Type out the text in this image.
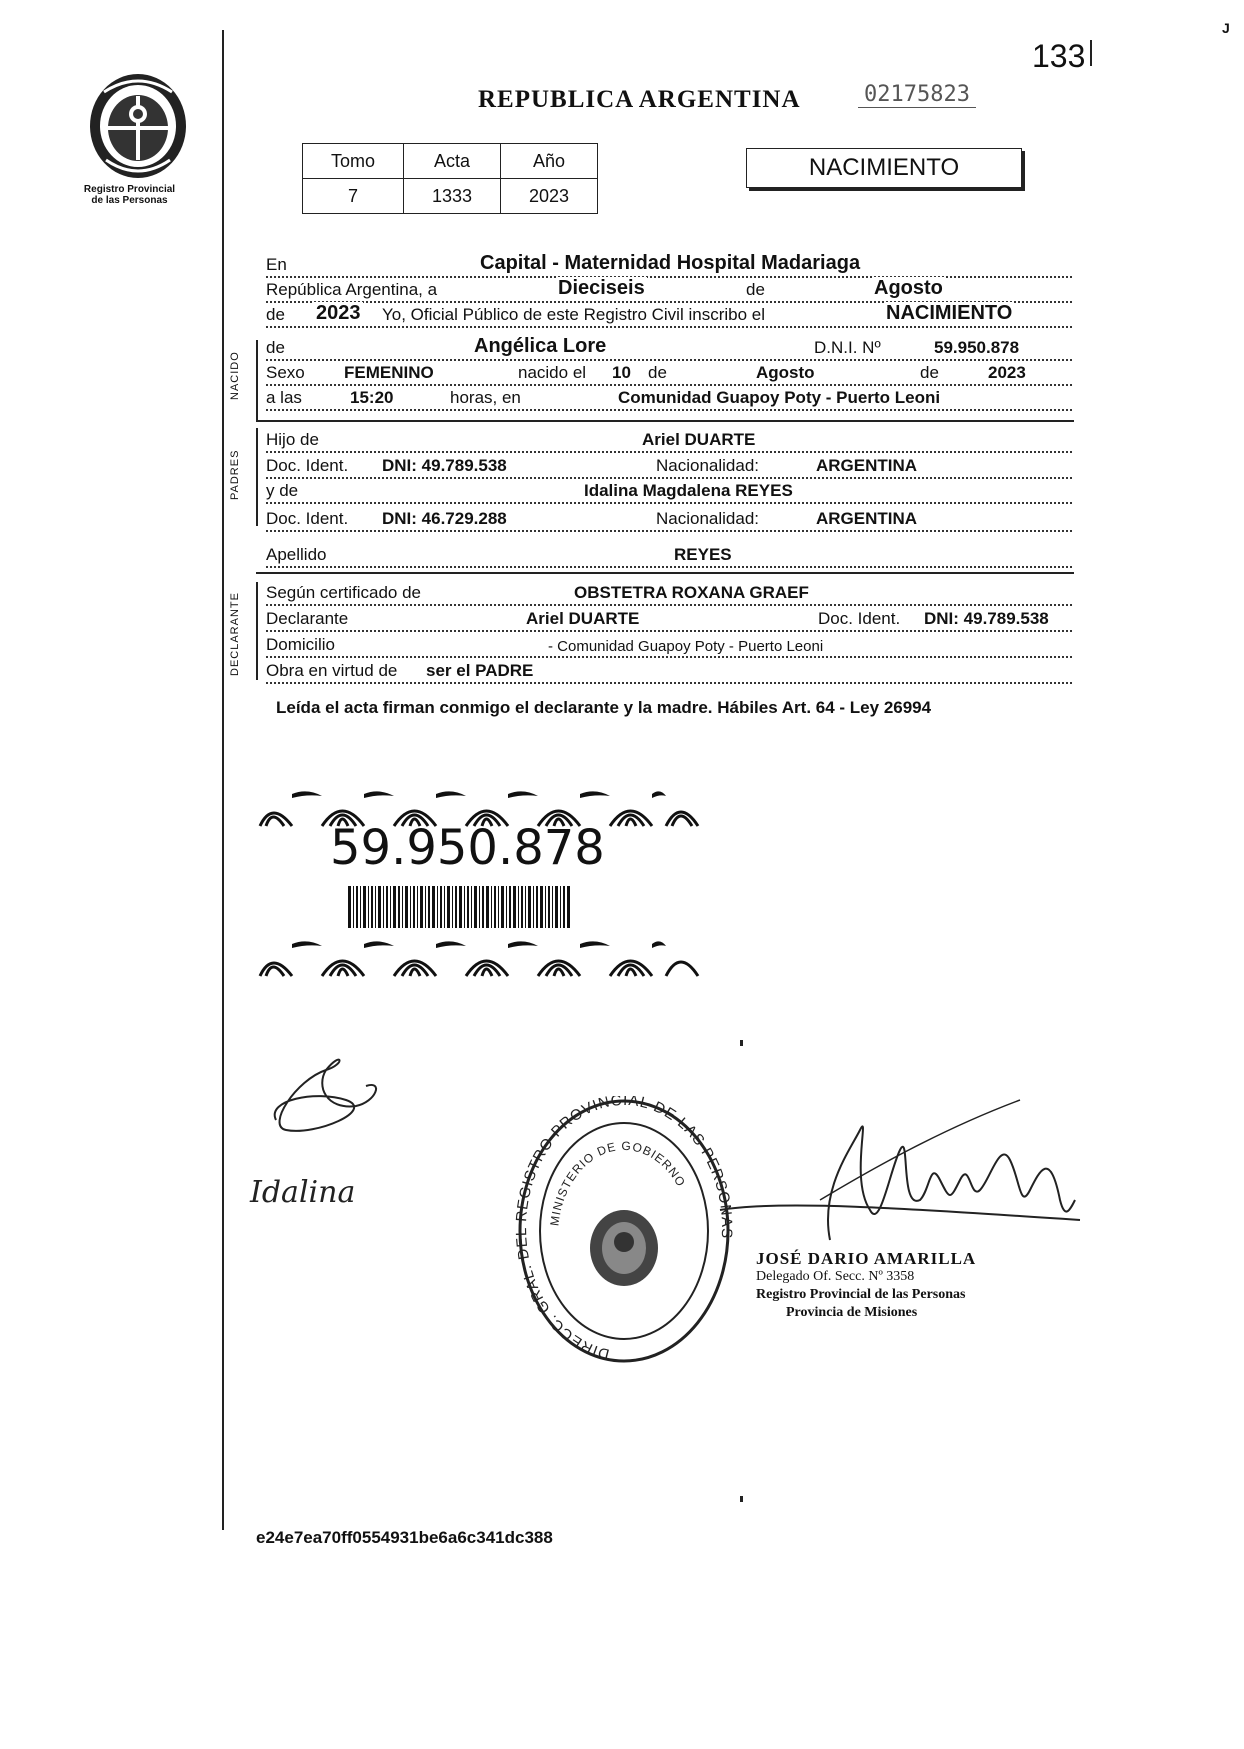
Registro Provincial
de las Personas
J
133
REPUBLICA ARGENTINA	02175823
Tomo	Acta	Año
7	1333	2023
NACIMIENTO
En	Capital - Maternidad Hospital Madariaga
República Argentina, a	Dieciseis	de	Agosto
de 2023 Yo, Oficial Público de este Registro Civil inscribo el	NACIMIENTO
NACIDO
de	Angélica Lore	D.N.I. Nº	59.950.878
Sexo FEMENINO	nacido el 10 de	Agosto	de	2023
a las	15:20	horas, en	Comunidad Guapoy Poty - Puerto Leoni
PADRES
Hijo de	Ariel DUARTE
Doc. Ident. DNI: 49.789.538	Nacionalidad:	ARGENTINA
y de	Idalina Magdalena REYES
Doc. Ident. DNI: 46.729.288	Nacionalidad:	ARGENTINA
Apellido	REYES
DECLARANTE Según certificado de	OBSTETRA ROXANA GRAEF
Declarante	Ariel DUARTE	Doc. Ident. DNI: 49.789.538
Domicilio	- Comunidad Guapoy Poty - Puerto Leoni
Obra en virtud de ser el PADRE
Leída el acta firman conmigo el declarante y la madre. Hábiles Art. 64 - Ley 26994
59.950.878
Idalina
DIRECC. GRAL. DEL REGISTRO PROVINCIAL DE LAS PERSONAS
MINISTERIO DE GOBIERNO
JOSÉ DARIO AMARILLA
Delegado Of. Secc. Nº 3358
Registro Provincial de las Personas
Provincia de Misiones
e24e7ea70ff0554931be6a6c341dc388
